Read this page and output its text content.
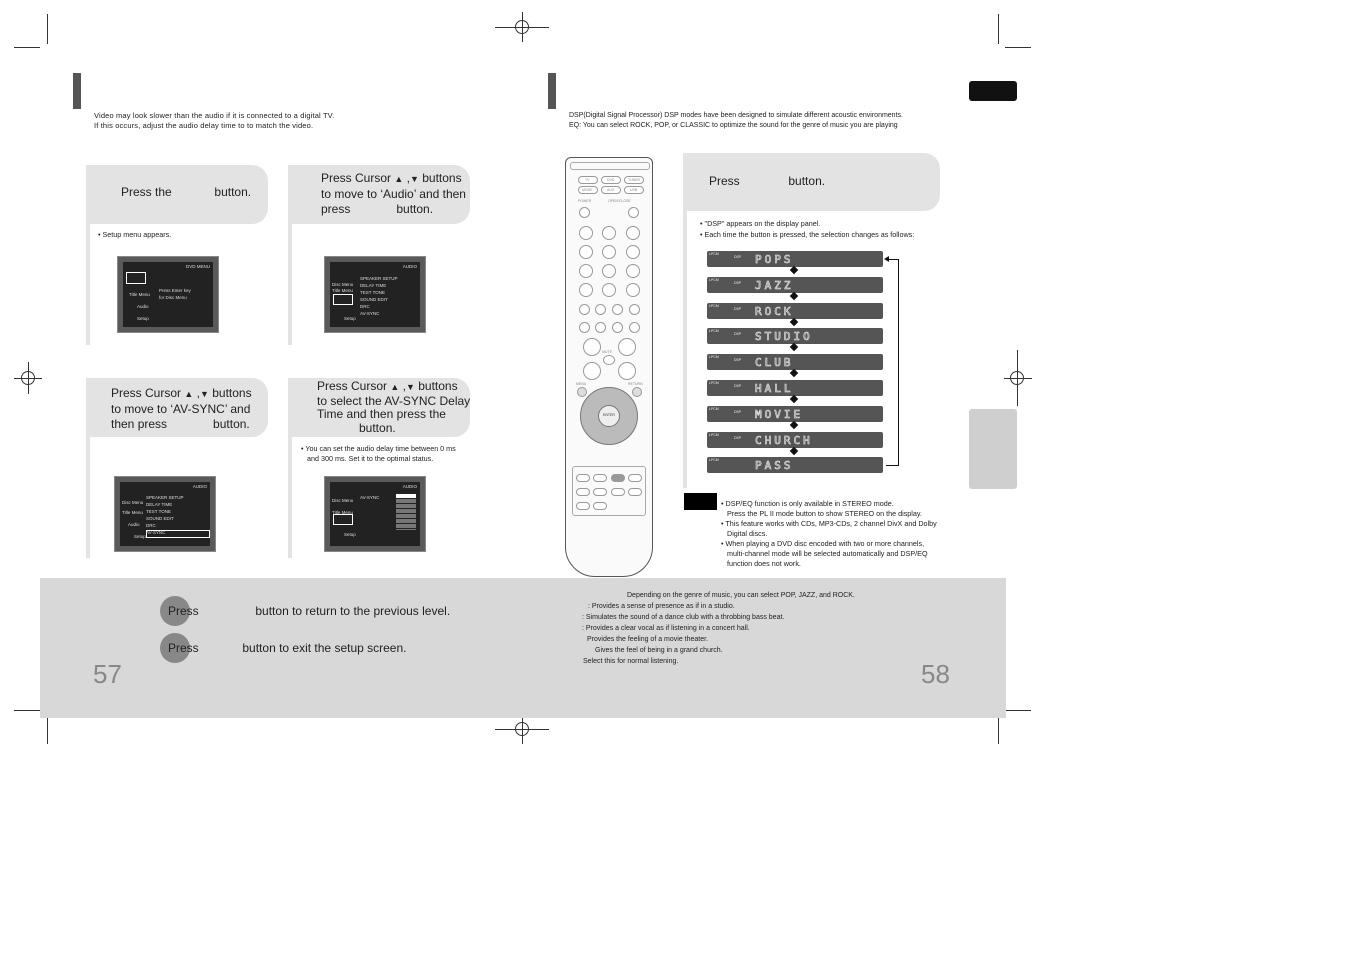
Video may look slower than the audio if it is connected to a digital TV.
If this occurs, adjust the audio delay time to to match the video.
Press the	button.
• Setup menu appears.
DVD MENU
Press Enter key
for Disc Menu
Title Menu
Audio
Setup
Press Cursor ▲ ,▼ buttons
to move to ‘Audio’ and then
press	button.
AUDIO
SPEAKER SETUP
DELAY TIME
TEST TONE
SOUND EDIT
DRC
AV-SYNC
Disc Menu
Title Menu
Setup
Press Cursor ▲ ,▼ buttons
to move to ‘AV-SYNC’ and
then press	button.
AUDIO
SPEAKER SETUP
DELAY TIME
TEST TONE
SOUND EDIT
DRC
AV-SYNC
Disc Menu
Title Menu
Audio
Setup
Press Cursor ▲ ,▼ buttons
to select the AV-SYNC Delay
Time and then press the
button.
• You can set the audio delay time between 0 ms
and 300 ms. Set it to the optimal status.
AUDIO
AV-SYNC
Disc Menu
Title Menu
Setup
Press	button to return to the previous level.
Press	button to exit the setup screen.
57
DSP(Digital Signal Processor) DSP modes have been designed to simulate different acoustic environments.
EQ: You can select ROCK, POP, or CLASSIC to optimize the sound for the genre of music you are playing
TV	DVD	TUNER
MODE	AUX	USB
POWER	OPEN/CLOSE
MUTE
MENU	RETURN
ENTER
Press	button.
• "DSP" appears on the display panel.
• Each time the button is pressed, the selection changes as follows:
LPCM
DSP POPS
LPCM
DSP JAZZ
LPCM
DSP ROCK
LPCM
DSP STUDIO
LPCM
DSP CLUB
LPCM
DSP HALL
LPCM
DSP MOVIE
LPCM
DSP CHURCH
LPCM	PASS
• DSP/EQ function is only available in STEREO mode.
Press the PL II mode button to show STEREO on the display.
• This feature works with CDs, MP3-CDs, 2 channel DivX and Dolby
Digital discs.
• When playing a DVD disc encoded with two or more channels,
multi-channel mode will be selected automatically and DSP/EQ
function does not work.
Depending on the genre of music, you can select POP, JAZZ, and ROCK.
: Provides a sense of presence as if in a studio.
: Simulates the sound of a dance club with a throbbing bass beat.
: Provides a clear vocal as if listening in a concert hall.
Provides the feeling of a movie theater.
Gives the feel of being in a grand church.
Select this for normal listening.	58
